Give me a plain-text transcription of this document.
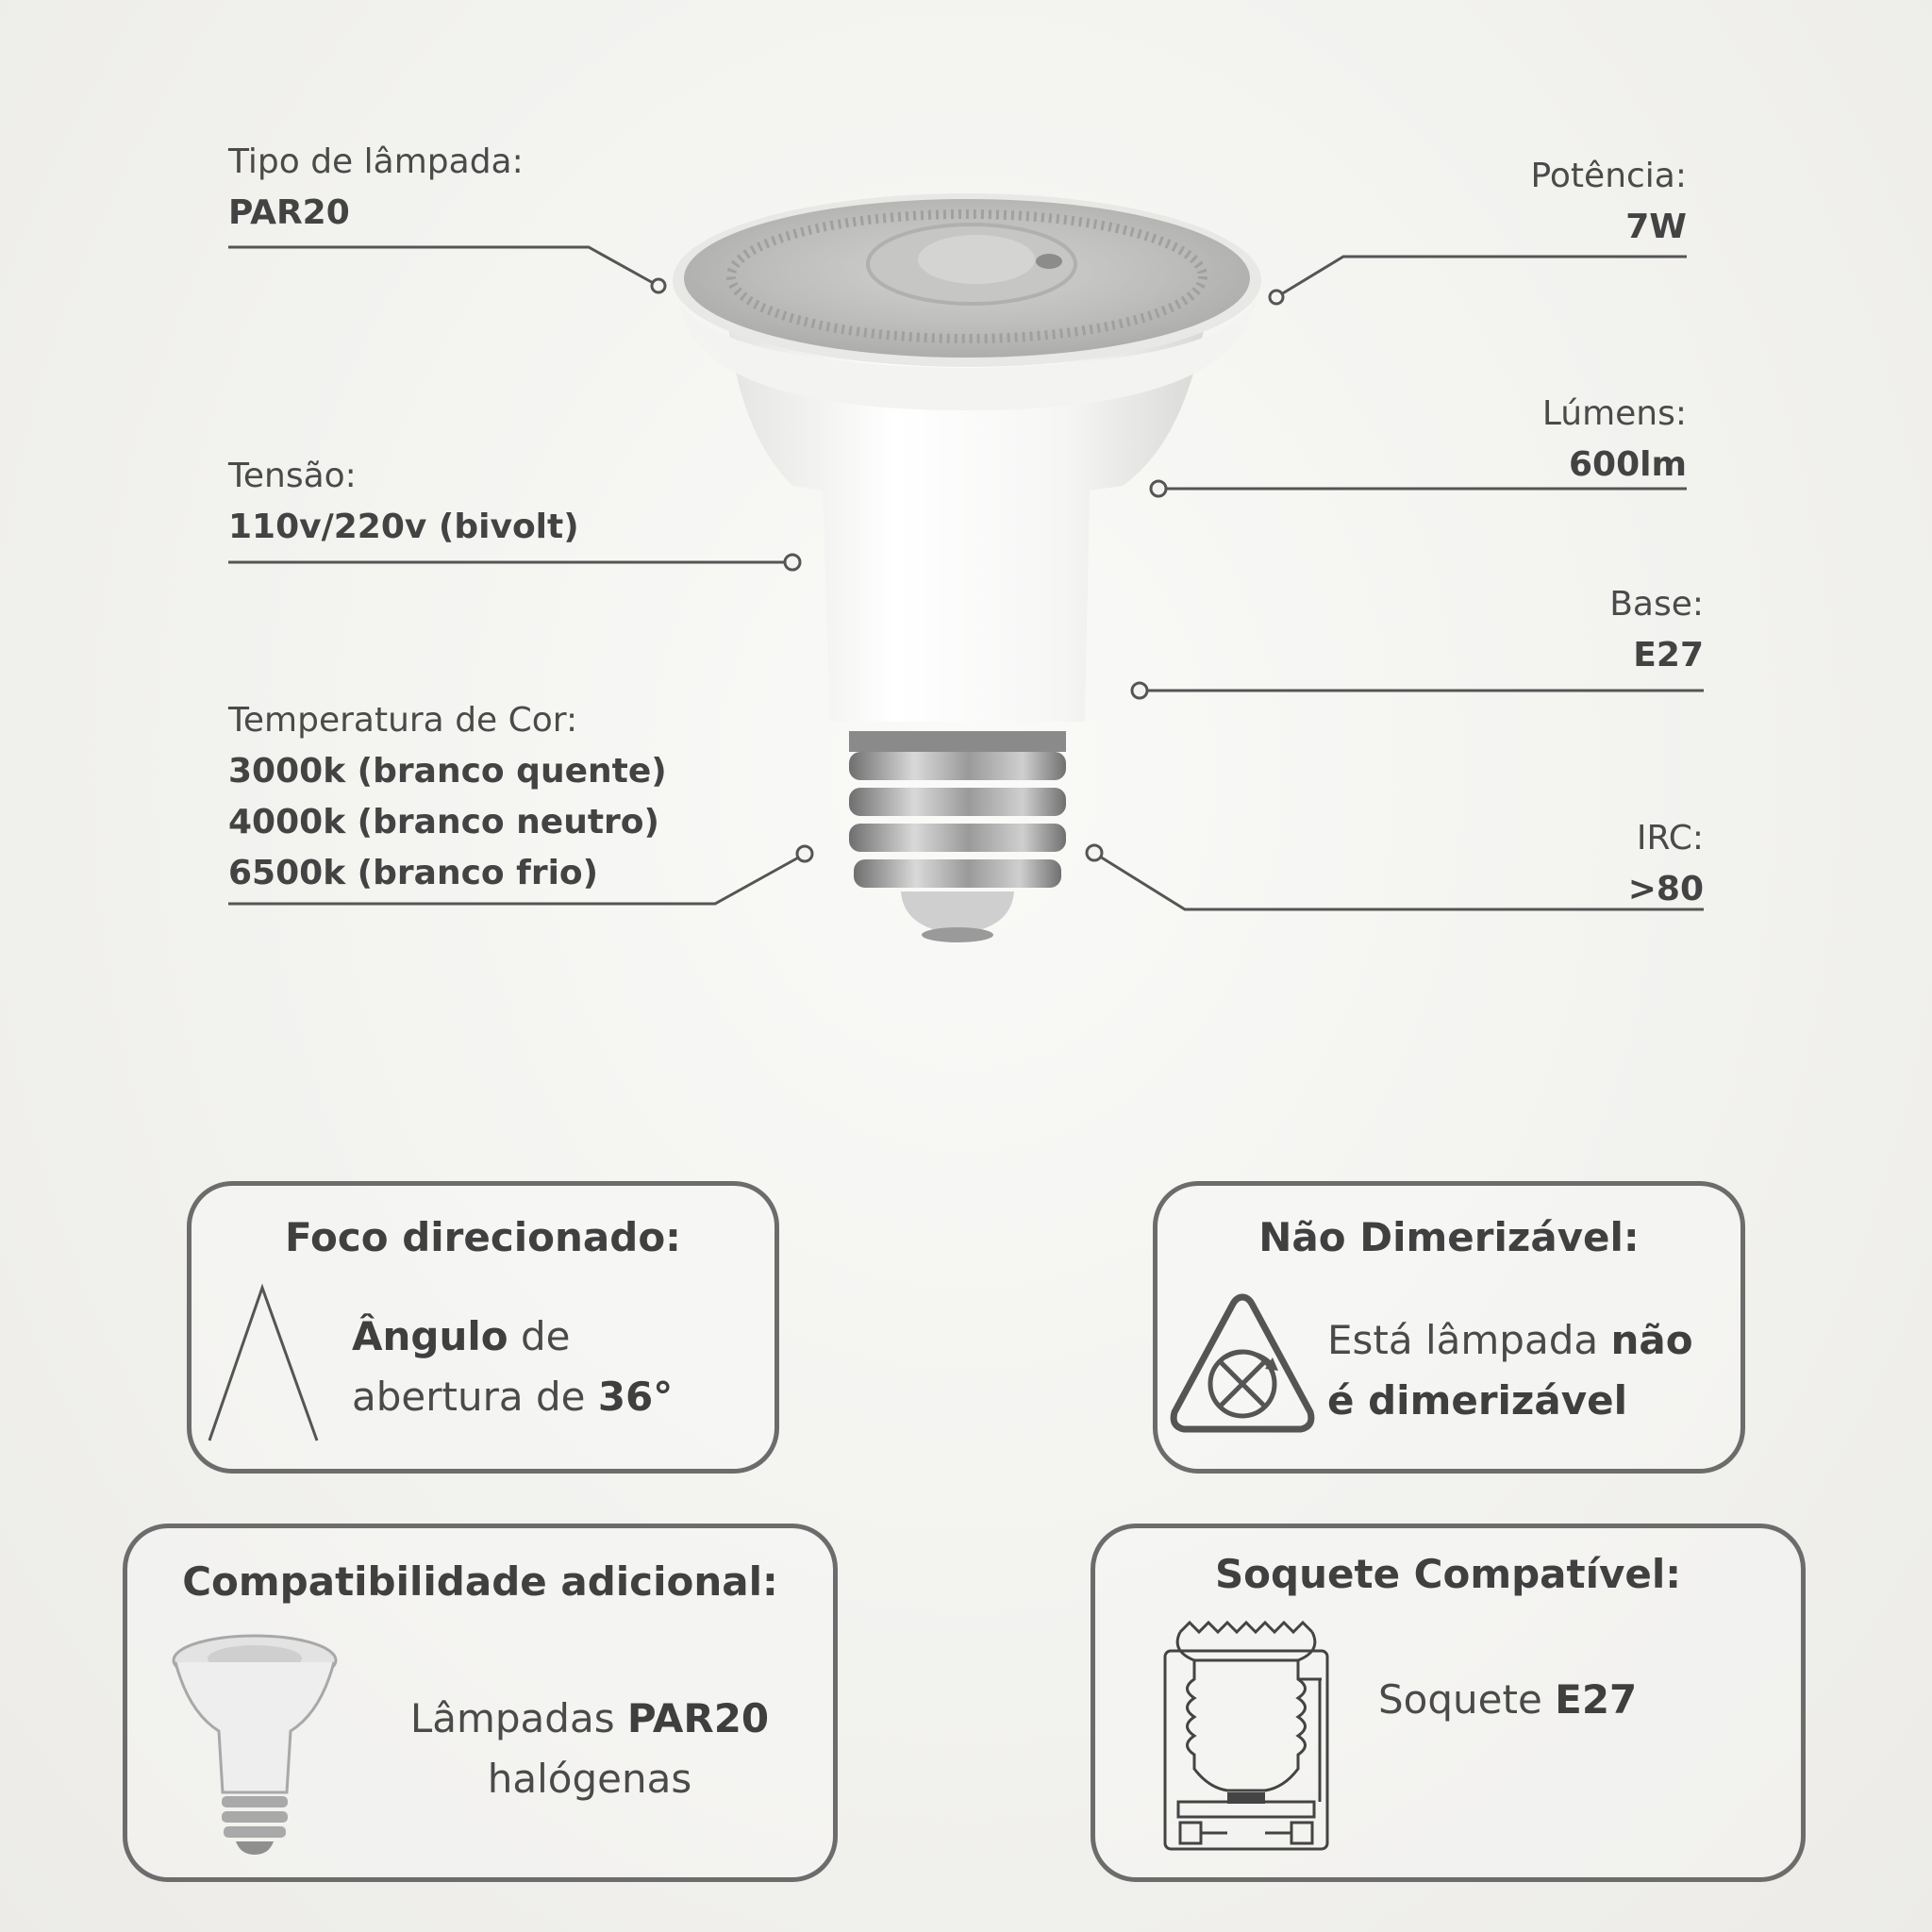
Tipo de lâmpada:
PAR20
Tensão:
110v/220v (bivolt)
Temperatura de Cor:
3000k (branco quente)
4000k (branco neutro)
6500k (branco frio)
Potência:
7W
Lúmens:
600lm
Base:
E27
IRC:
>80
Foco direcionado:
Ângulo de
abertura de 36°
Não Dimerizável:
Está lâmpada não
é dimerizável
Compatibilidade adicional:
Lâmpadas PAR20
halógenas
Soquete Compatível:
Soquete E27
